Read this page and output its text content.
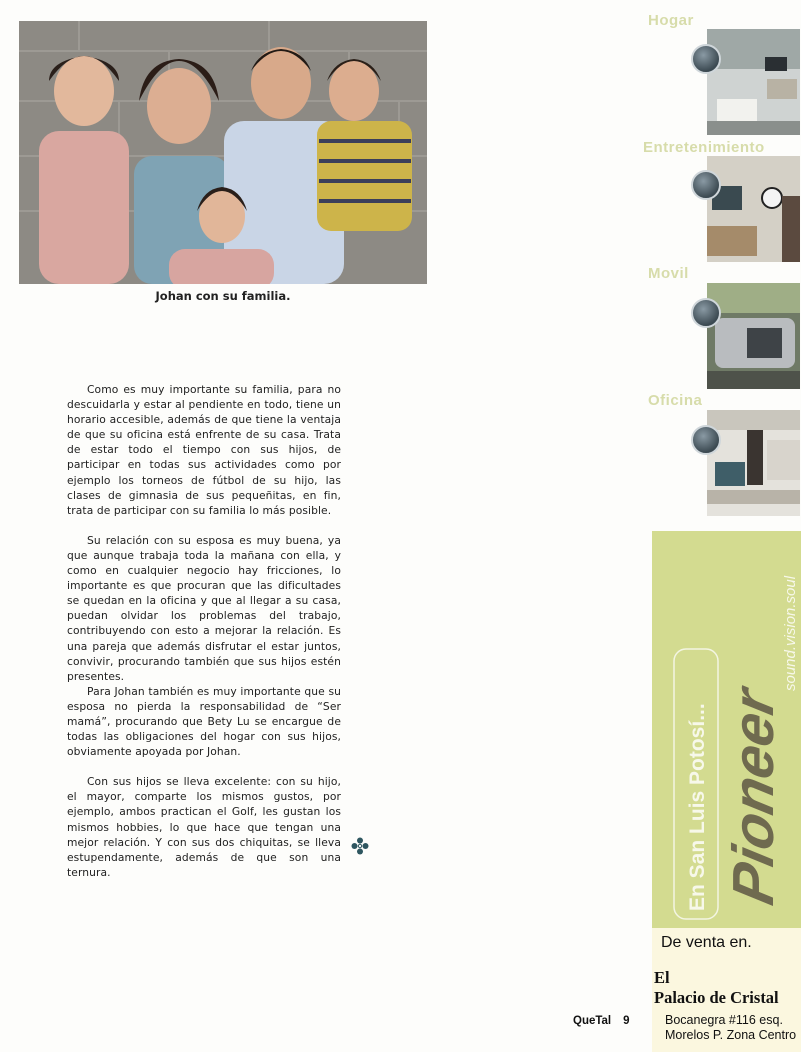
Johan con su familia.

Como es muy importante su familia, para no descuidarla y estar al pendiente en todo, tiene un horario accesible, además de que tiene la ventaja de que su oficina está enfrente de su casa. Trata de estar todo el tiempo con sus hijos, de participar en todas sus actividades como por ejemplo los torneos de fútbol de su hijo, las clases de gimnasia de sus pequeñitas, en fin, trata de participar con su familia lo más posible.

Su relación con su esposa es muy buena, ya que aunque trabaja toda la mañana con ella, y como en cualquier negocio hay fricciones, lo importante es que procuran que las dificultades se quedan en la oficina y que al llegar a su casa, puedan olvidar los problemas del trabajo, contribuyendo con esto a mejorar la relación. Es una pareja que además disfrutar el estar juntos, convivir, procurando también que sus hijos estén presentes.

Para Johan también es muy importante que su esposa no pierda la responsabilidad de “Ser mamá”, procurando que Bety Lu se encargue de todas las obligaciones del hogar con sus hijos, obviamente apoyada por Johan.

Con sus hijos se lleva excelente: con su hijo, el mayor, comparte los mismos gustos, por ejemplo, ambos practican el Golf, les gustan los mismos hobbies, lo que hace que tengan una mejor relación. Y con sus dos chiquitas, se lleva estupendamente, además de que son una ternura.

Hogar
Entretenimiento
Movil
Oficina
En San Luis Potosí... Pioneer
sound.vision.soul
De venta en.
El
Palacio de Cristal
Bocanegra #116 esq.
Morelos P. Zona Centro
QueTal 9
